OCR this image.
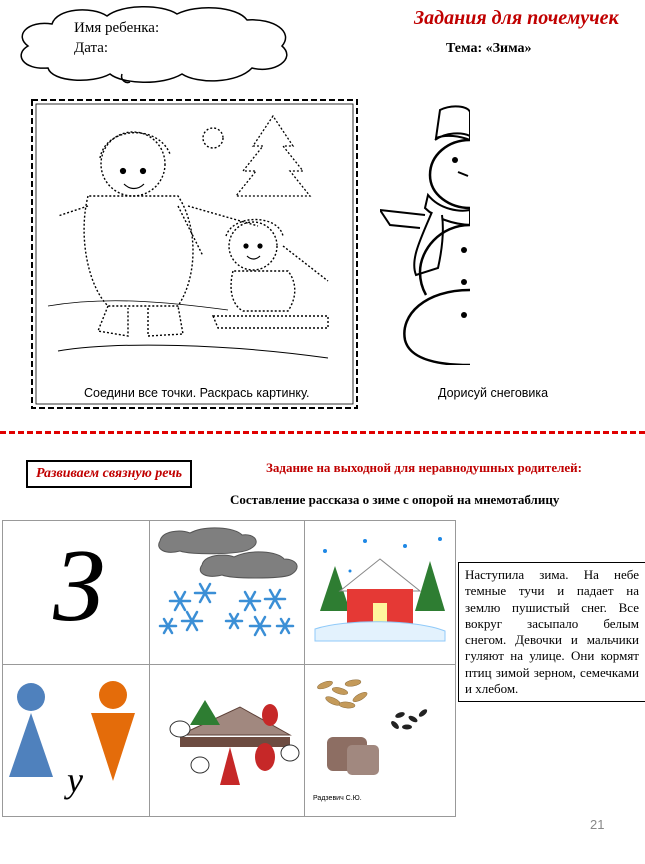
Имя ребенка:
Дата:
Задания для почемучек
Тема: «Зима»
Соедини все точки. Раскрась картинку.	Дорисуй снеговика
Развиваем связную речь	Задание на выходной для неравнодушных родителей:
Составление рассказа о зиме с опорой на мнемотаблицу
З

у		Радзевич С.Ю.
Наступила зима. На небе темные тучи и падает на землю пушистый снег. Все вокруг засыпало белым снегом. Девочки и мальчики гуляют на улице. Они кормят птиц зимой зерном, семечками и хлебом.
21
